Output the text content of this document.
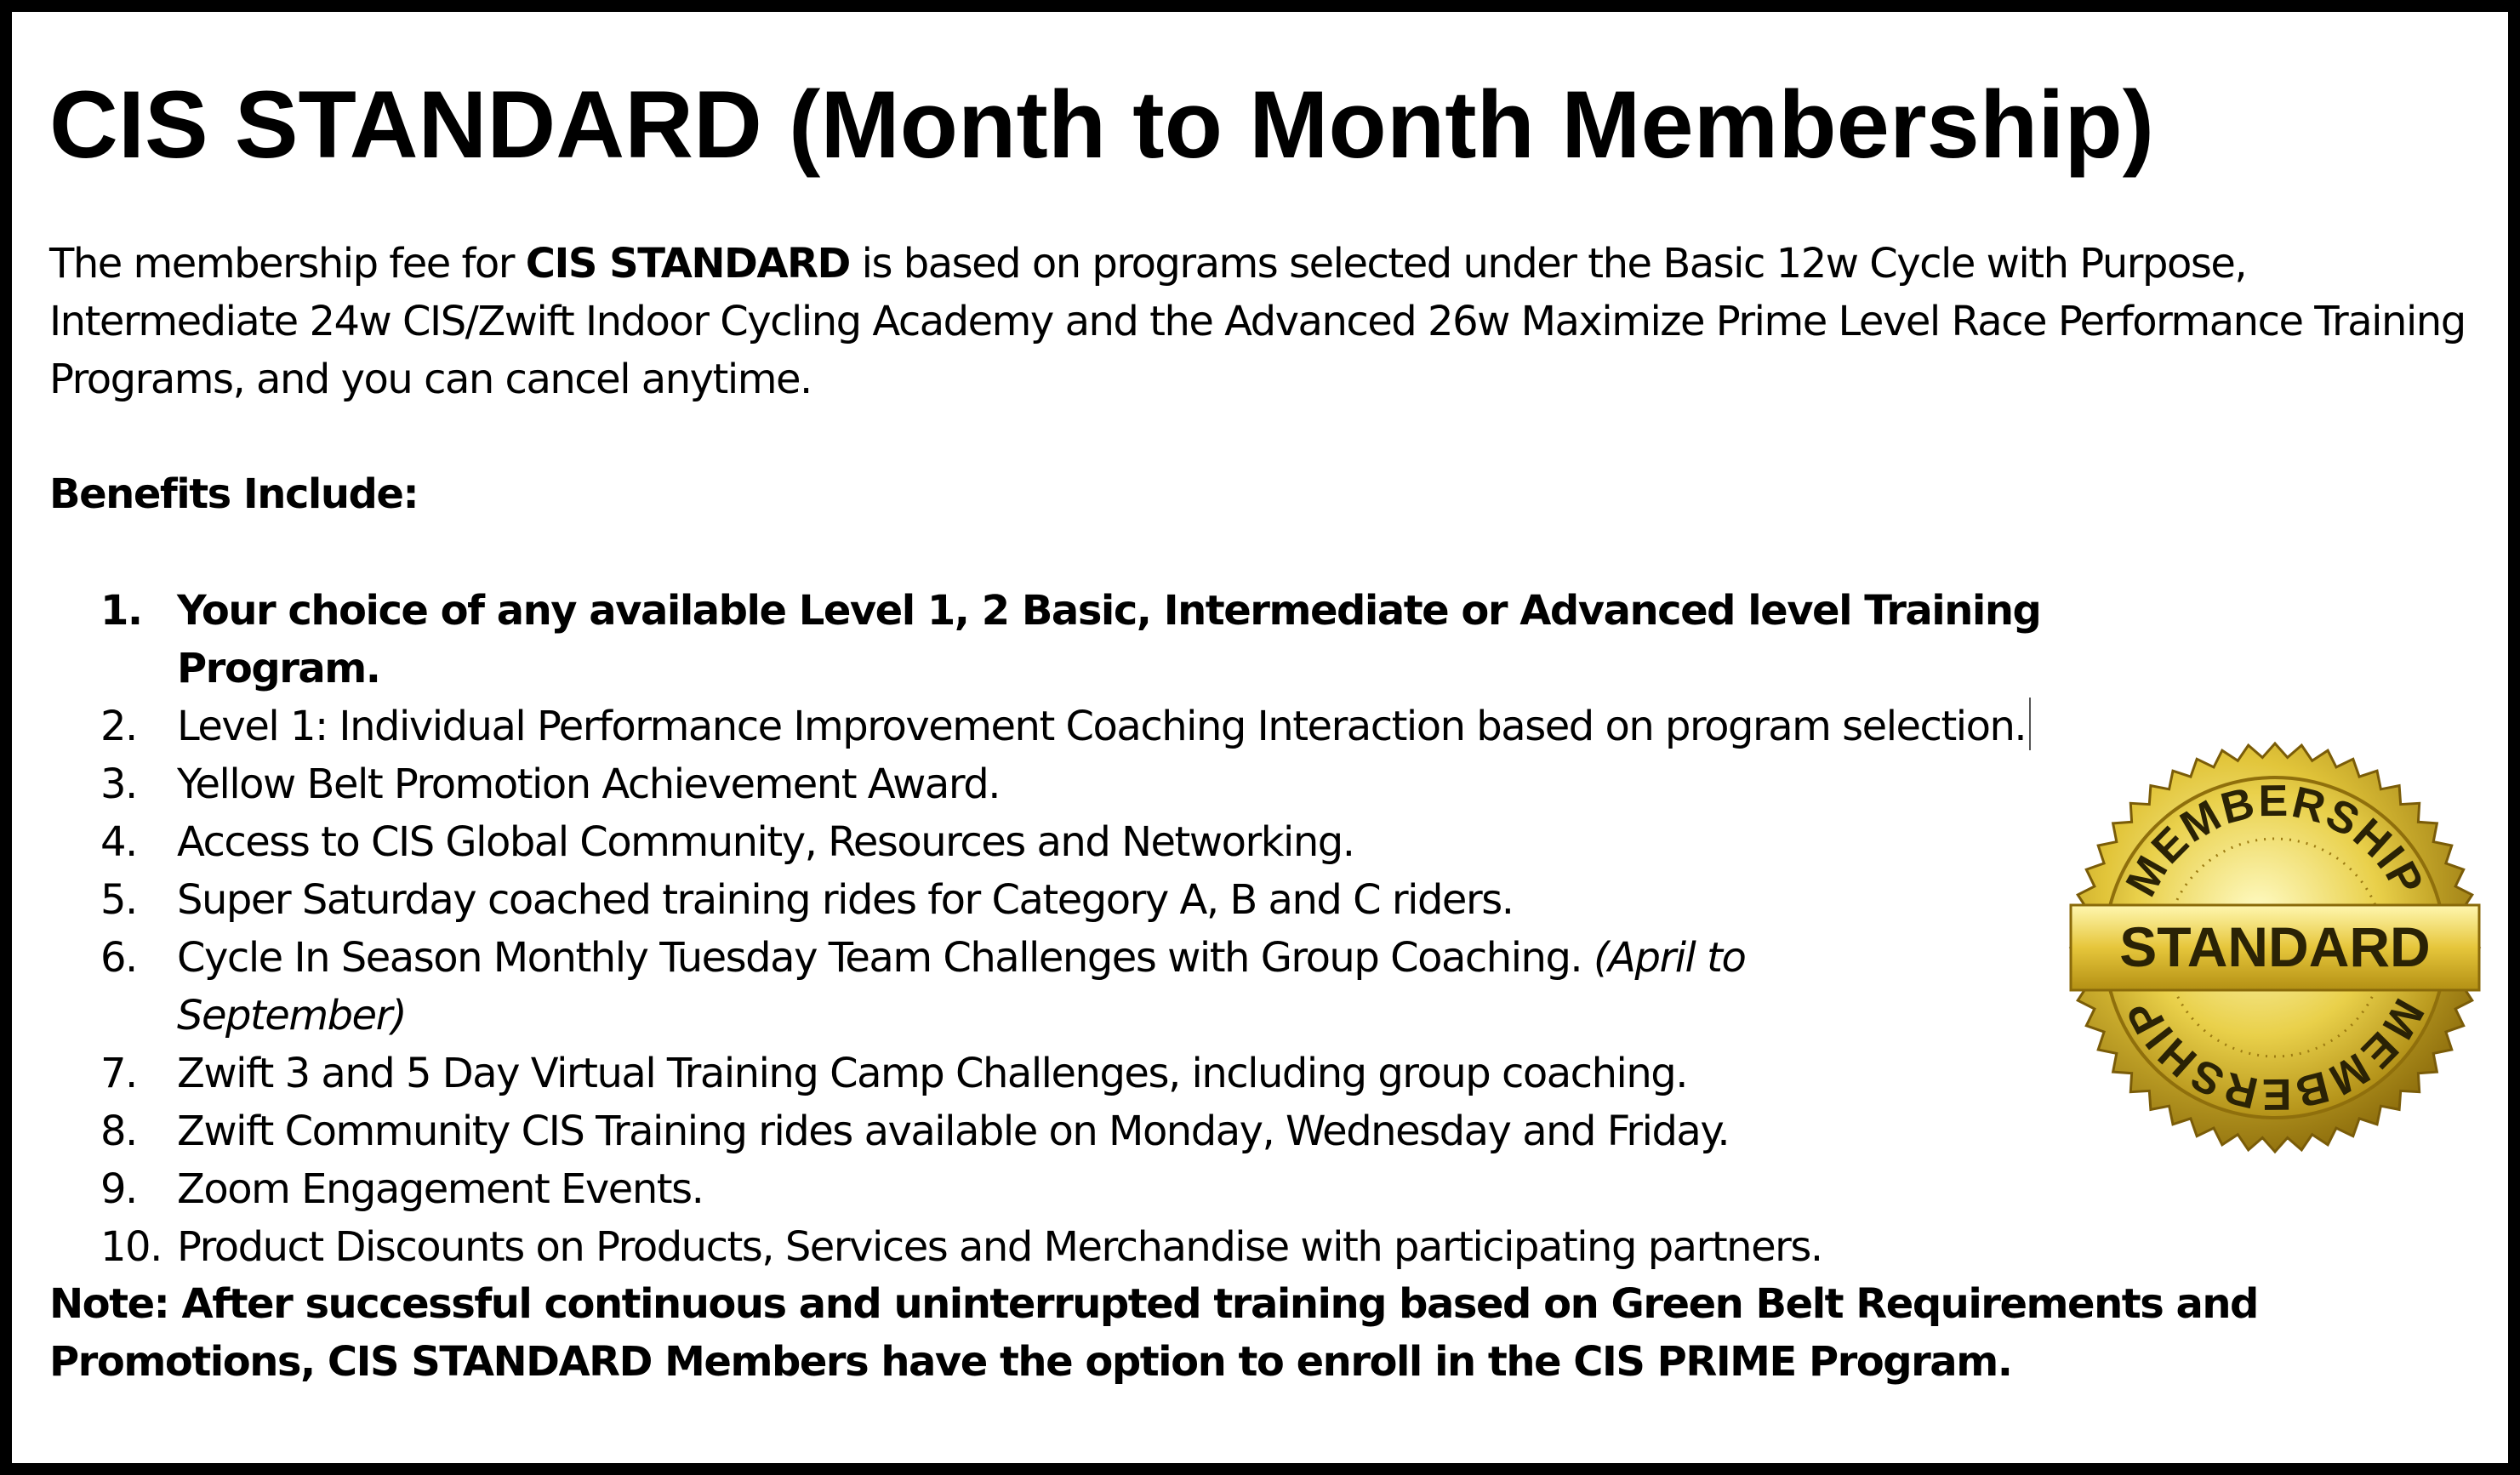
CIS STANDARD (Month to Month Membership)

The membership fee for CIS STANDARD is based on programs selected under the Basic 12w Cycle with Purpose, Intermediate 24w CIS/Zwift Indoor Cycling Academy and the Advanced 26w Maximize Prime Level Race Performance Training Programs, and you can cancel anytime.

Benefits Include:

1. Your choice of any available Level 1, 2 Basic, Intermediate or Advanced level Training Program.
2. Level 1: Individual Performance Improvement Coaching Interaction based on program selection.
3. Yellow Belt Promotion Achievement Award.
4. Access to CIS Global Community, Resources and Networking.
5. Super Saturday coached training rides for Category A, B and C riders.
6. Cycle In Season Monthly Tuesday Team Challenges with Group Coaching. (April to September)
7. Zwift 3 and 5 Day Virtual Training Camp Challenges, including group coaching.
8. Zwift Community CIS Training rides available on Monday, Wednesday and Friday.
9. Zoom Engagement Events.
10. Product Discounts on Products, Services and Merchandise with participating partners.

Note: After successful continuous and uninterrupted training based on Green Belt Requirements and Promotions, CIS STANDARD Members have the option to enroll in the CIS PRIME Program.

MEMBERSHIP
MEMBERSHIP
STANDARD
